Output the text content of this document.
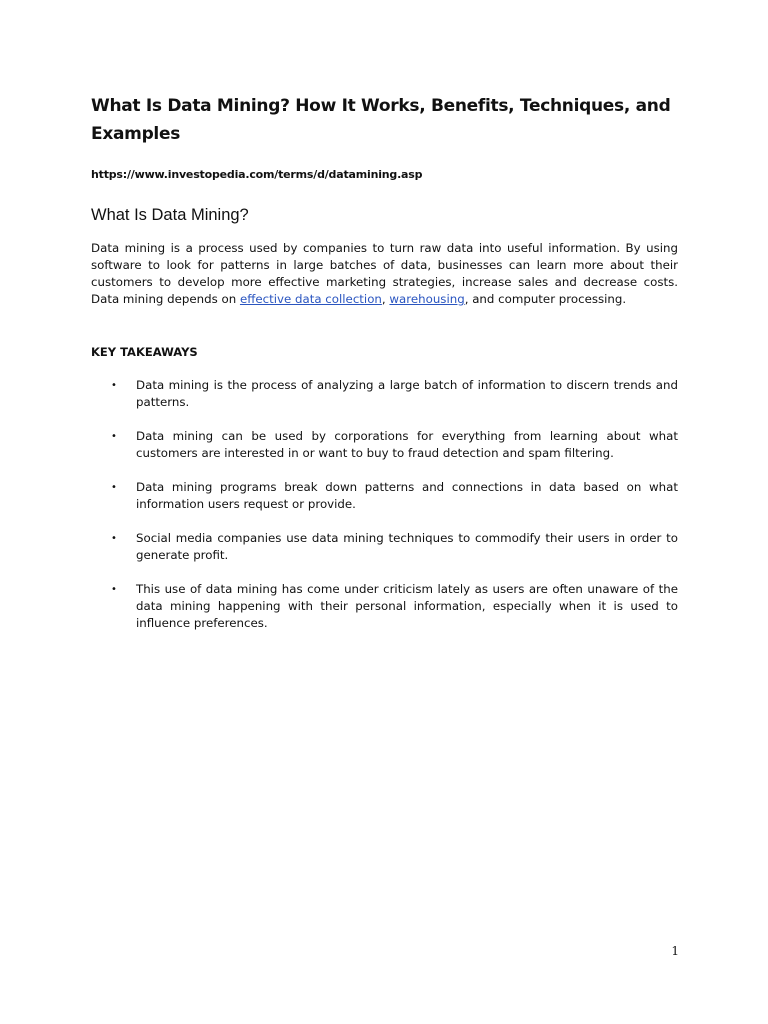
What Is Data Mining? How It Works, Benefits, Techniques, and Examples

https://www.investopedia.com/terms/d/datamining.asp

What Is Data Mining?

Data mining is a process used by companies to turn raw data into useful information. By using software to look for patterns in large batches of data, businesses can learn more about their customers to develop more effective marketing strategies, increase sales and decrease costs. Data mining depends on effective data collection, warehousing, and computer processing.

KEY TAKEAWAYS

• Data mining is the process of analyzing a large batch of information to discern trends and patterns.
• Data mining can be used by corporations for everything from learning about what customers are interested in or want to buy to fraud detection and spam filtering.
• Data mining programs break down patterns and connections in data based on what information users request or provide.
• Social media companies use data mining techniques to commodify their users in order to generate profit.
• This use of data mining has come under criticism lately as users are often unaware of the data mining happening with their personal information, especially when it is used to influence preferences.

1
